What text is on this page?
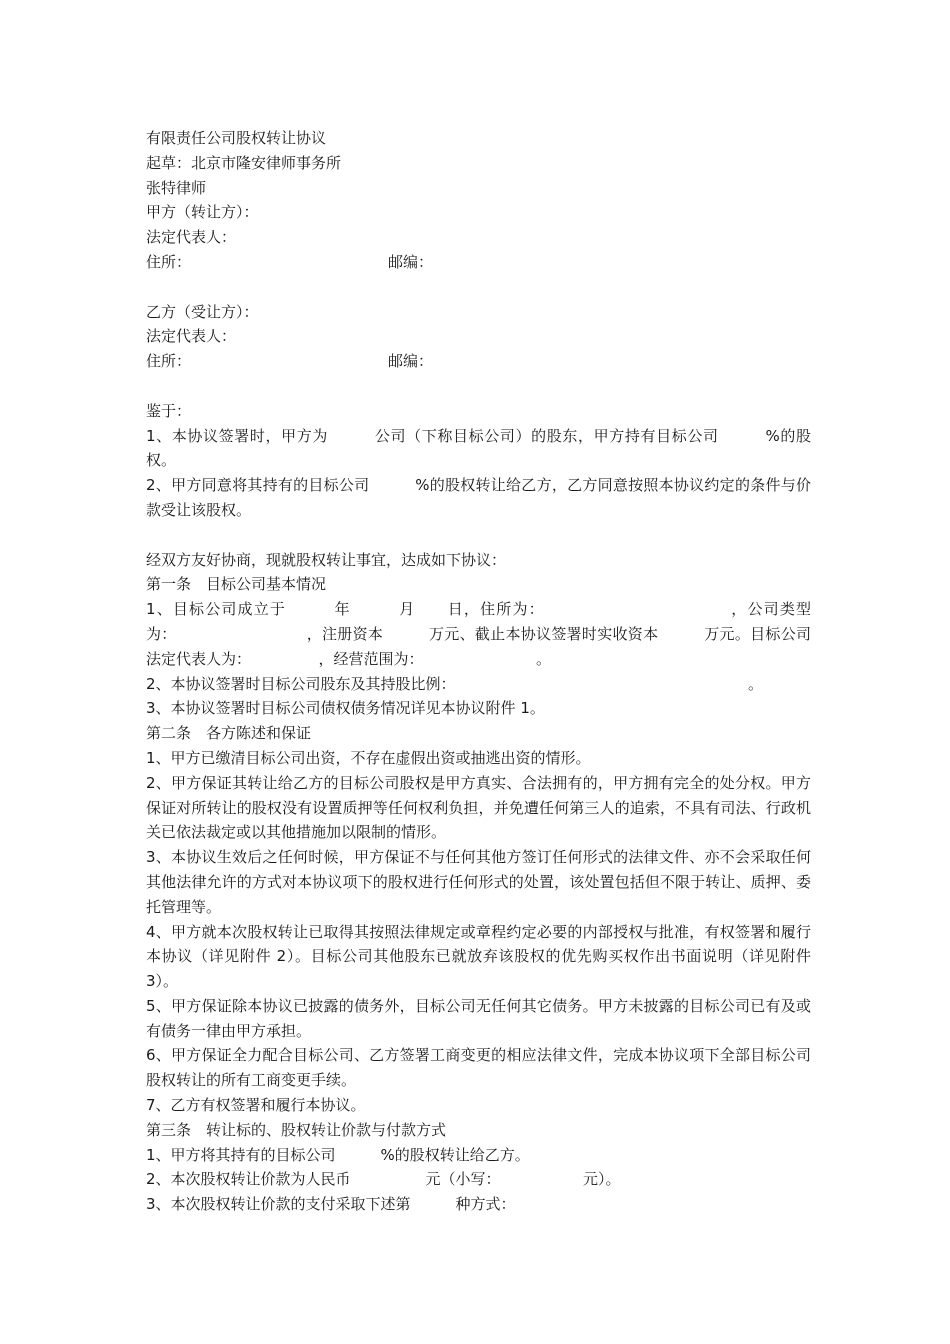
有限责任公司股权转让协议
起草：北京市隆安律师事务所
张特律师
甲方（转让方）：
法定代表人：
住所：	邮编：
乙方（受让方）：
法定代表人：
住所：	邮编：
鉴于：
1、本协议签署时，甲方为　　　公司（下称目标公司）的股东，甲方持有目标公司　　　%的股权。
2、甲方同意将其持有的目标公司　　　%的股权转让给乙方，乙方同意按照本协议约定的条件与价款受让该股权。
经双方友好协商，现就股权转让事宜，达成如下协议：
第一条　目标公司基本情况
1、目标公司成立于　　　年　　　月　　日，住所为：　　　　　　　　　　　　，公司类型为：　　　　　　　　　，注册资本　　　万元、截止本协议签署时实收资本　　　万元。目标公司法定代表人为：　　　　　，经营范围为：　　　　　　　　。
2、本协议签署时目标公司股东及其持股比例：　　　　　　　　　　　　　　　　　　　　。
3、本协议签署时目标公司债权债务情况详见本协议附件 1。
第二条　各方陈述和保证
1、甲方已缴清目标公司出资，不存在虚假出资或抽逃出资的情形。
2、甲方保证其转让给乙方的目标公司股权是甲方真实、合法拥有的，甲方拥有完全的处分权。甲方保证对所转让的股权没有设置质押等任何权利负担，并免遭任何第三人的追索，不具有司法、行政机关已依法裁定或以其他措施加以限制的情形。
3、本协议生效后之任何时候，甲方保证不与任何其他方签订任何形式的法律文件、亦不会采取任何其他法律允许的方式对本协议项下的股权进行任何形式的处置，该处置包括但不限于转让、质押、委托管理等。
4、甲方就本次股权转让已取得其按照法律规定或章程约定必要的内部授权与批准，有权签署和履行本协议（详见附件 2）。目标公司其他股东已就放弃该股权的优先购买权作出书面说明（详见附件 3）。
5、甲方保证除本协议已披露的债务外，目标公司无任何其它债务。甲方未披露的目标公司已有及或有债务一律由甲方承担。
6、甲方保证全力配合目标公司、乙方签署工商变更的相应法律文件，完成本协议项下全部目标公司股权转让的所有工商变更手续。
7、乙方有权签署和履行本协议。
第三条　转让标的、股权转让价款与付款方式
1、甲方将其持有的目标公司　　　%的股权转让给乙方。
2、本次股权转让价款为人民币　　　　　元（小写：　　　　　　元）。
3、本次股权转让价款的支付采取下述第　　　种方式：
